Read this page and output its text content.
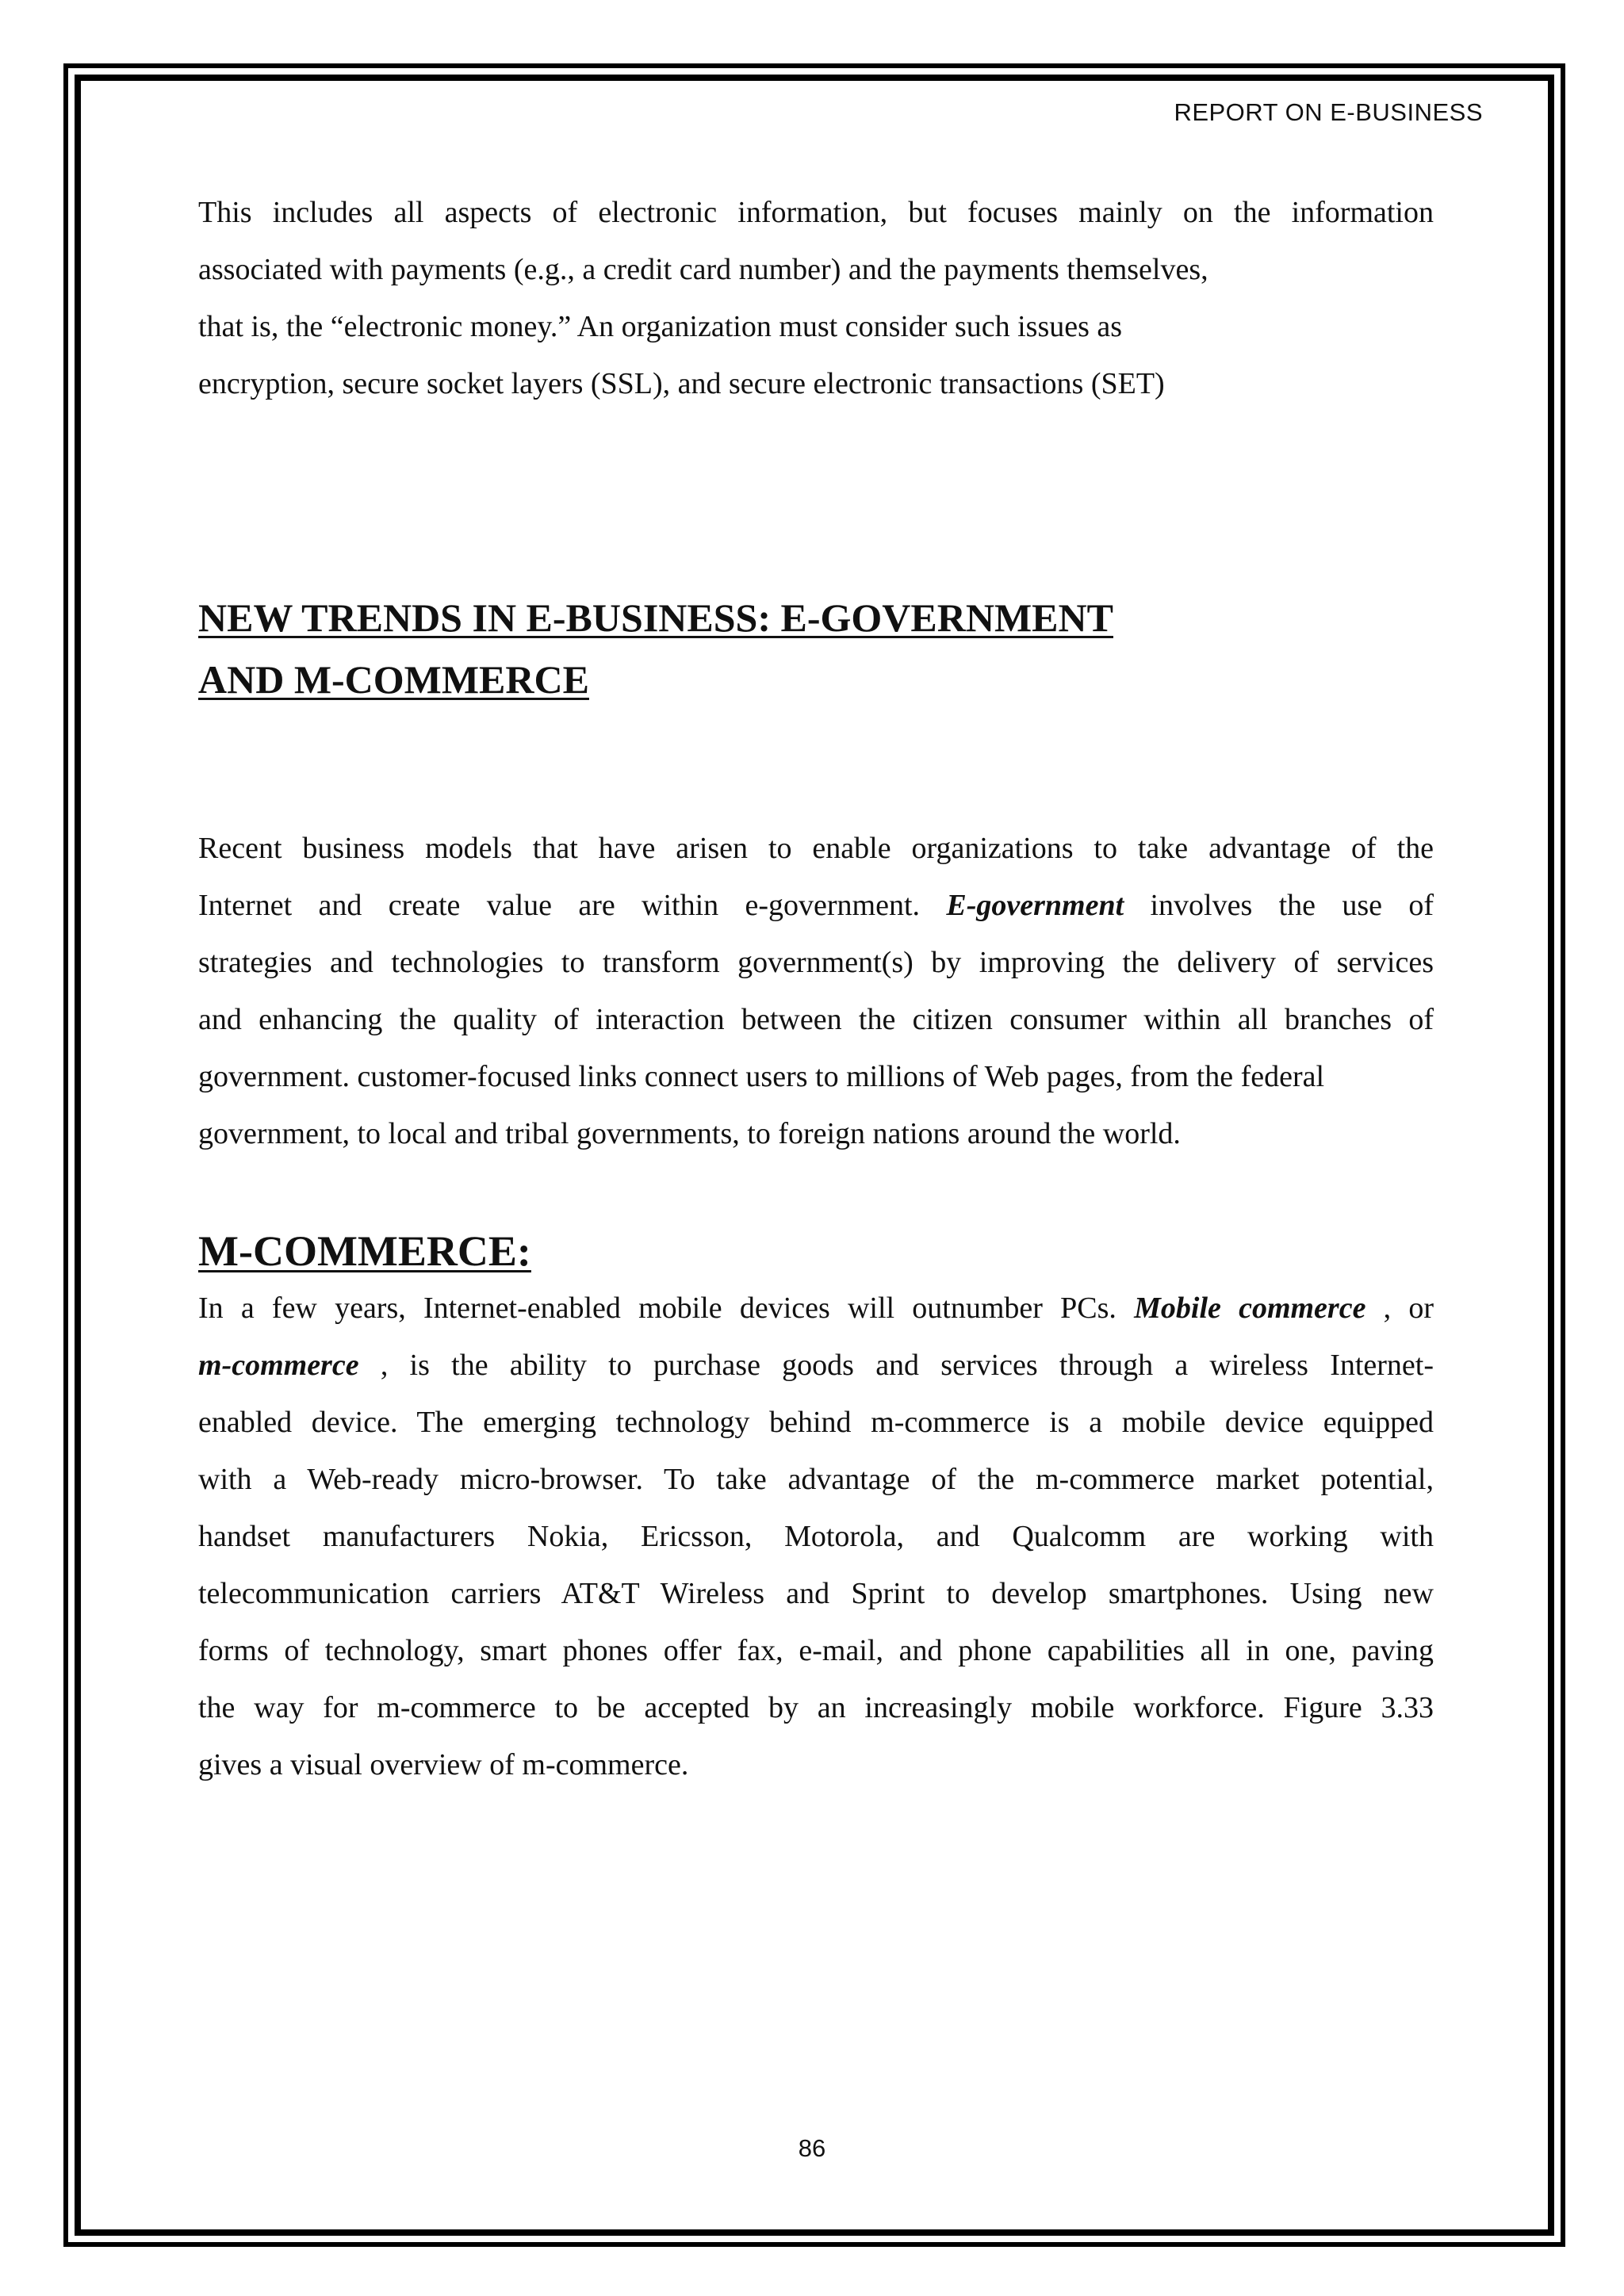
REPORT ON E-BUSINESS
This includes all aspects of electronic information, but focuses mainly on the information
associated with payments (e.g., a credit card number) and the payments themselves,
that is, the “electronic money.” An organization must consider such issues as
encryption, secure socket layers (SSL), and secure electronic transactions (SET)
NEW TRENDS IN E-BUSINESS: E-GOVERNMENT
AND M-COMMERCE
Recent business models that have arisen to enable organizations to take advantage of the
Internet and create value are within e-government. E-government involves the use of
strategies and technologies to transform government(s) by improving the delivery of services
and enhancing the quality of interaction between the citizen consumer within all branches of
government. customer-focused links connect users to millions of Web pages, from the federal
government, to local and tribal governments, to foreign nations around the world.
M-COMMERCE:
In a few years, Internet-enabled mobile devices will outnumber PCs. Mobile commerce , or
m-commerce , is the ability to purchase goods and services through a wireless Internet-
enabled device. The emerging technology behind m-commerce is a mobile device equipped
with a Web-ready micro-browser. To take advantage of the m-commerce market potential,
handset manufacturers Nokia, Ericsson, Motorola, and Qualcomm are working with
telecommunication carriers AT&T Wireless and Sprint to develop smartphones. Using new
forms of technology, smart phones offer fax, e-mail, and phone capabilities all in one, paving
the way for m-commerce to be accepted by an increasingly mobile workforce. Figure 3.33
gives a visual overview of m-commerce.
86
